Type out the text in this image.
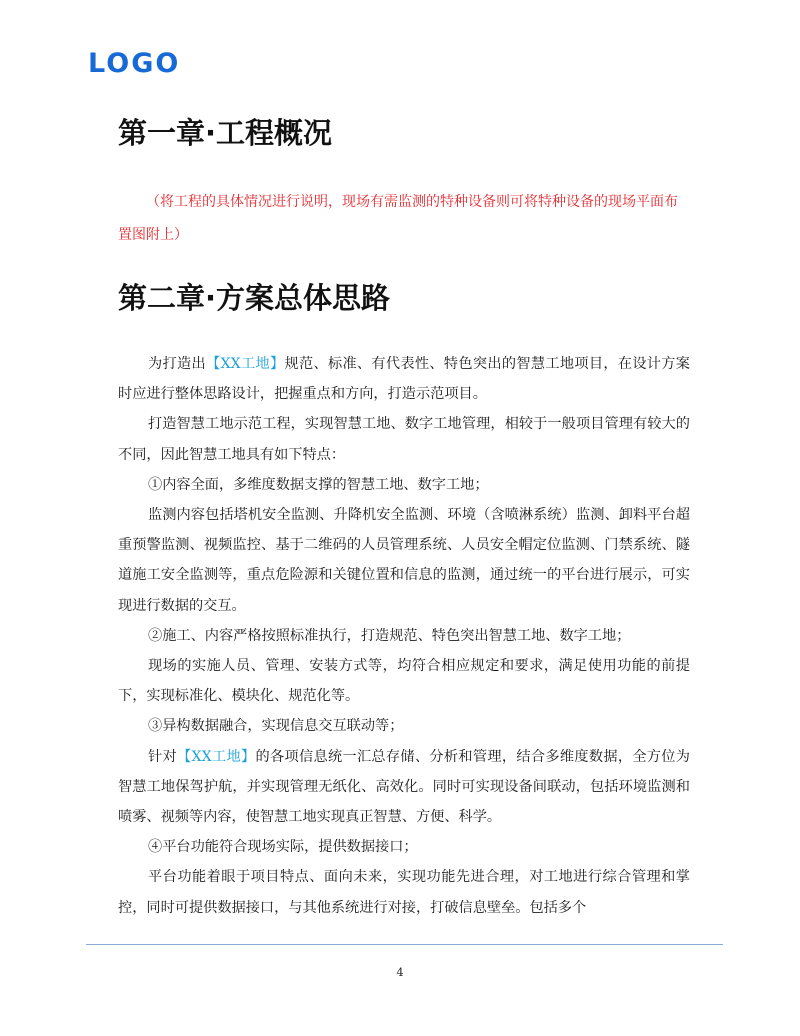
LOGO
第一章·工程概况

（将工程的具体情况进行说明，现场有需监测的特种设备则可将特种设备的现场平面布置图附上）

第二章·方案总体思路

为打造出【XX工地】规范、标准、有代表性、特色突出的智慧工地项目，在设计方案时应进行整体思路设计，把握重点和方向，打造示范项目。

打造智慧工地示范工程，实现智慧工地、数字工地管理，相较于一般项目管理有较大的不同，因此智慧工地具有如下特点：

①内容全面，多维度数据支撑的智慧工地、数字工地；

监测内容包括塔机安全监测、升降机安全监测、环境（含喷淋系统）监测、卸料平台超重预警监测、视频监控、基于二维码的人员管理系统、人员安全帽定位监测、门禁系统、隧道施工安全监测等，重点危险源和关键位置和信息的监测，通过统一的平台进行展示，可实现进行数据的交互。

②施工、内容严格按照标准执行，打造规范、特色突出智慧工地、数字工地；

现场的实施人员、管理、安装方式等，均符合相应规定和要求，满足使用功能的前提下，实现标准化、模块化、规范化等。

③异构数据融合，实现信息交互联动等；

针对【XX工地】的各项信息统一汇总存储、分析和管理，结合多维度数据，全方位为智慧工地保驾护航，并实现管理无纸化、高效化。同时可实现设备间联动，包括环境监测和喷雾、视频等内容，使智慧工地实现真正智慧、方便、科学。

④平台功能符合现场实际，提供数据接口；

平台功能着眼于项目特点、面向未来，实现功能先进合理，对工地进行综合管理和掌控，同时可提供数据接口，与其他系统进行对接，打破信息壁垒。包括多个

4
